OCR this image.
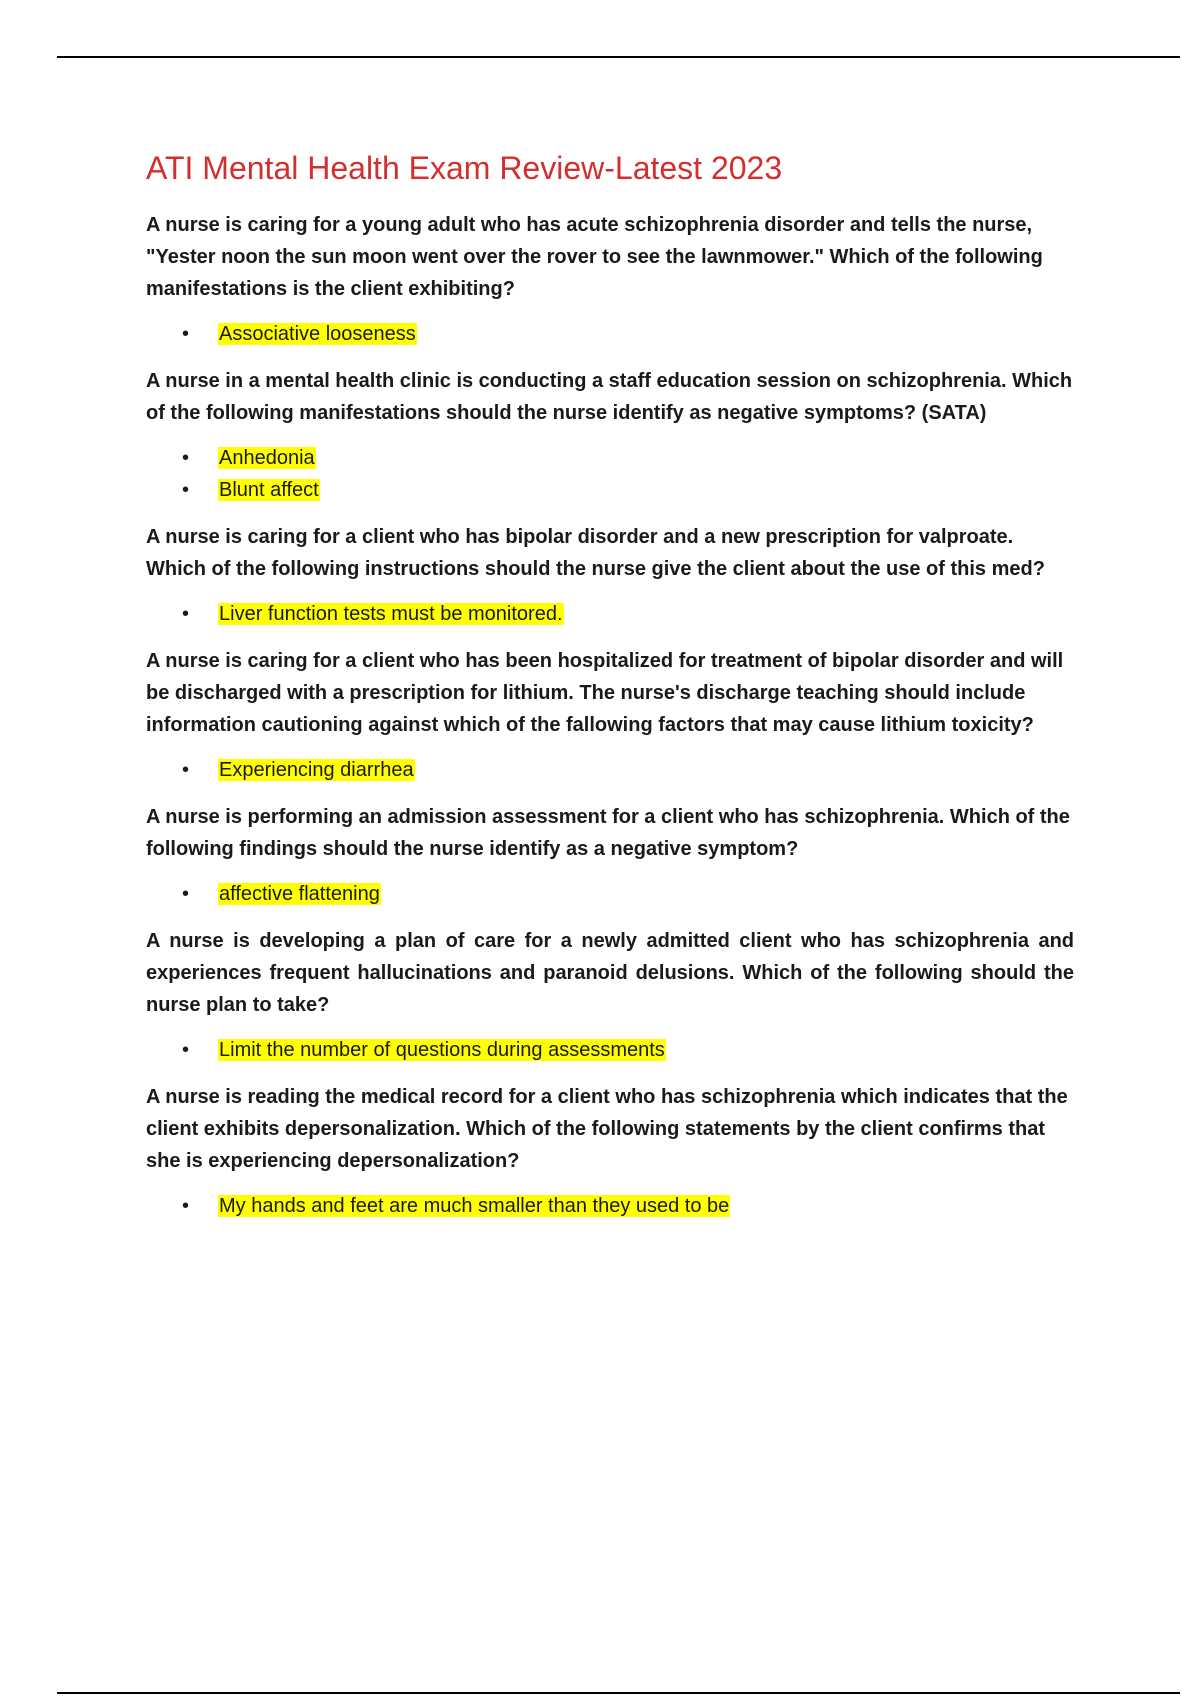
ATI Mental Health Exam Review-Latest 2023

A nurse is caring for a young adult who has acute schizophrenia disorder and tells the nurse, "Yester noon the sun moon went over the rover to see the lawnmower." Which of the following manifestations is the client exhibiting?

• Associative looseness

A nurse in a mental health clinic is conducting a staff education session on schizophrenia. Which of the following manifestations should the nurse identify as negative symptoms? (SATA)

• Anhedonia
• Blunt affect

A nurse is caring for a client who has bipolar disorder and a new prescription for valproate. Which of the following instructions should the nurse give the client about the use of this med?

• Liver function tests must be monitored.

A nurse is caring for a client who has been hospitalized for treatment of bipolar disorder and will be discharged with a prescription for lithium. The nurse's discharge teaching should include information cautioning against which of the fallowing factors that may cause lithium toxicity?

• Experiencing diarrhea

A nurse is performing an admission assessment for a client who has schizophrenia. Which of the following findings should the nurse identify as a negative symptom?

• affective flattening

A nurse is developing a plan of care for a newly admitted client who has schizophrenia and experiences frequent hallucinations and paranoid delusions. Which of the following should the nurse plan to take?

• Limit the number of questions during assessments

A nurse is reading the medical record for a client who has schizophrenia which indicates that the client exhibits depersonalization. Which of the following statements by the client confirms that she is experiencing depersonalization?

• My hands and feet are much smaller than they used to be
